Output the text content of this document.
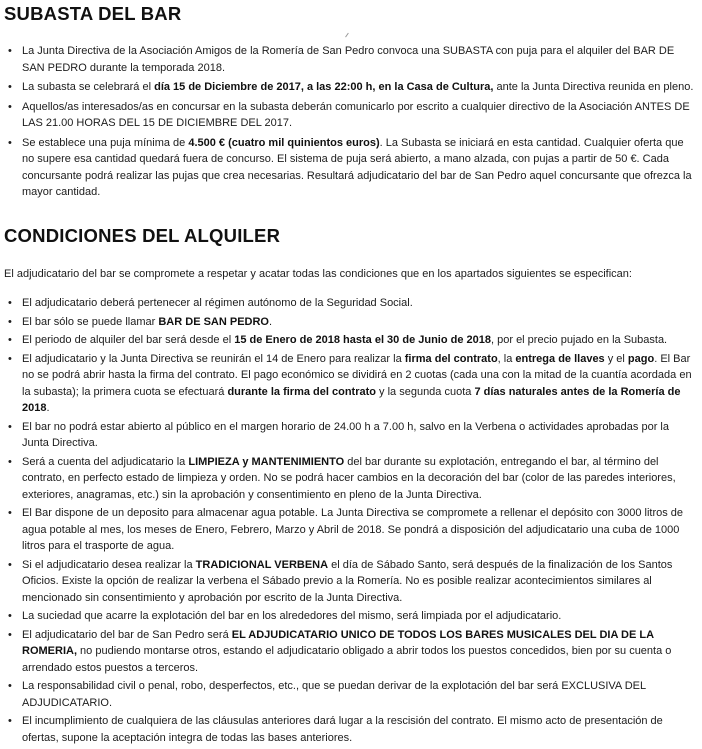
SUBASTA DEL BAR
• La Junta Directiva de la Asociación Amigos de la Romería de San Pedro convoca una SUBASTA con puja para el alquiler del BAR DE SAN PEDRO durante la temporada 2018.
• La subasta se celebrará el día 15 de Diciembre de 2017, a las 22:00 h, en la Casa de Cultura, ante la Junta Directiva reunida en pleno.
• Aquellos/as interesados/as en concursar en la subasta deberán comunicarlo por escrito a cualquier directivo de la Asociación ANTES DE LAS 21.00 HORAS DEL 15 DE DICIEMBRE DEL 2017.
• Se establece una puja mínima de 4.500 € (cuatro mil quinientos euros). La Subasta se iniciará en esta cantidad. Cualquier oferta que no supere esa cantidad quedará fuera de concurso. El sistema de puja será abierto, a mano alzada, con pujas a partir de 50 €. Cada concursante podrá realizar las pujas que crea necesarias. Resultará adjudicatario del bar de San Pedro aquel concursante que ofrezca la mayor cantidad.
CONDICIONES DEL ALQUILER

El adjudicatario del bar se compromete a respetar y acatar todas las condiciones que en los apartados siguientes se especifican:

• El adjudicatario deberá pertenecer al régimen autónomo de la Seguridad Social.
• El bar sólo se puede llamar BAR DE SAN PEDRO.
• El periodo de alquiler del bar será desde el 15 de Enero de 2018 hasta el 30 de Junio de 2018, por el precio pujado en la Subasta.
• El adjudicatario y la Junta Directiva se reunirán el 14 de Enero para realizar la firma del contrato, la entrega de llaves y el pago. El Bar no se podrá abrir hasta la firma del contrato. El pago económico se dividirá en 2 cuotas (cada una con la mitad de la cuantía acordada en la subasta); la primera cuota se efectuará durante la firma del contrato y la segunda cuota 7 días naturales antes de la Romería de 2018.
• El bar no podrá estar abierto al público en el margen horario de 24.00 h a 7.00 h, salvo en la Verbena o actividades aprobadas por la Junta Directiva.
• Será a cuenta del adjudicatario la LIMPIEZA y MANTENIMIENTO del bar durante su explotación, entregando el bar, al término del contrato, en perfecto estado de limpieza y orden. No se podrá hacer cambios en la decoración del bar (color de las paredes interiores, exteriores, anagramas, etc.) sin la aprobación y consentimiento en pleno de la Junta Directiva.
• El Bar dispone de un deposito para almacenar agua potable. La Junta Directiva se compromete a rellenar el depósito con 3000 litros de agua potable al mes, los meses de Enero, Febrero, Marzo y Abril de 2018. Se pondrá a disposición del adjudicatario una cuba de 1000 litros para el trasporte de agua.
• Si el adjudicatario desea realizar la TRADICIONAL VERBENA el día de Sábado Santo, será después de la finalización de los Santos Oficios. Existe la opción de realizar la verbena el Sábado previo a la Romería. No es posible realizar acontecimientos similares al mencionado sin consentimiento y aprobación por escrito de la Junta Directiva.
• La suciedad que acarre la explotación del bar en los alrededores del mismo, será limpiada por el adjudicatario.
• El adjudicatario del bar de San Pedro será EL ADJUDICATARIO UNICO DE TODOS LOS BARES MUSICALES DEL DIA DE LA ROMERIA, no pudiendo montarse otros, estando el adjudicatario obligado a abrir todos los puestos concedidos, bien por su cuenta o arrendado estos puestos a terceros.
• La responsabilidad civil o penal, robo, desperfectos, etc., que se puedan derivar de la explotación del bar será EXCLUSIVA DEL ADJUDICATARIO.
• El incumplimiento de cualquiera de las cláusulas anteriores dará lugar a la rescisión del contrato. El mismo acto de presentación de ofertas, supone la aceptación integra de todas las bases anteriores.
